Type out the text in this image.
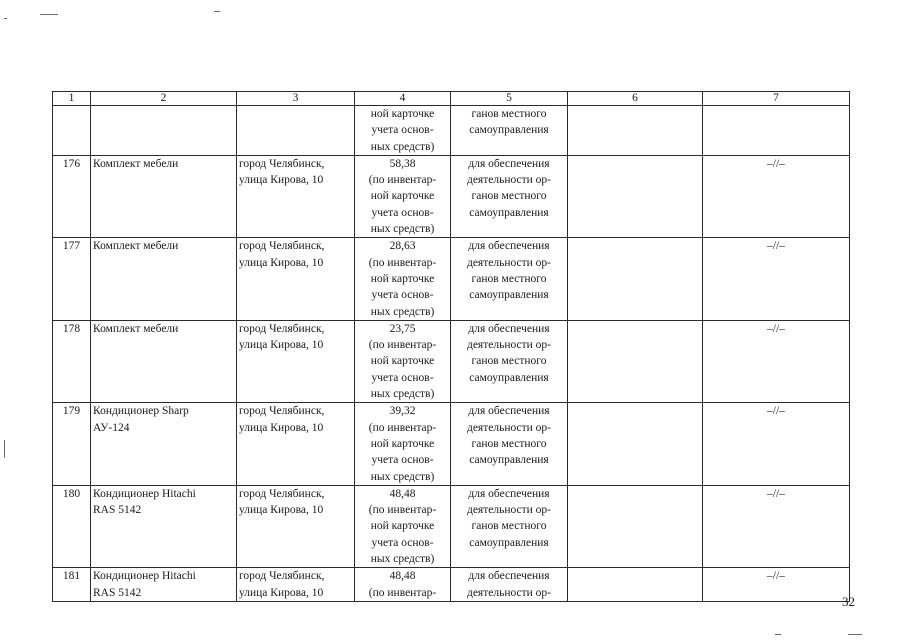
1	2	3	4	5	6	7

			ной карточке
учета основ-
ных средств)	ганов местного
самоуправления		

176	Комплект мебели	город Челябинск,
улица Кирова, 10	58,38
(по инвентар-
ной карточке
учета основ-
ных средств)	для обеспечения
деятельности ор-
ганов местного
самоуправления		–//–
177	Комплект мебели	город Челябинск,
улица Кирова, 10	28,63
(по инвентар-
ной карточке
учета основ-
ных средств)	для обеспечения
деятельности ор-
ганов местного
самоуправления		–//–
178	Комплект мебели	город Челябинск,
улица Кирова, 10	23,75
(по инвентар-
ной карточке
учета основ-
ных средств)	для обеспечения
деятельности ор-
ганов местного
самоуправления		–//–
179	Кондиционер Sharp
АУ-124	город Челябинск,
улица Кирова, 10	39,32
(по инвентар-
ной карточке
учета основ-
ных средств)	для обеспечения
деятельности ор-
ганов местного
самоуправления		–//–
180	Кондиционер Hitachi
RAS 5142	город Челябинск,
улица Кирова, 10	48,48
(по инвентар-
ной карточке
учета основ-
ных средств)	для обеспечения
деятельности ор-
ганов местного
самоуправления		–//–
181	Кондиционер Hitachi
RAS 5142	город Челябинск,
улица Кирова, 10	48,48
(по инвентар-	для обеспечения
деятельности ор-		–//–
32
